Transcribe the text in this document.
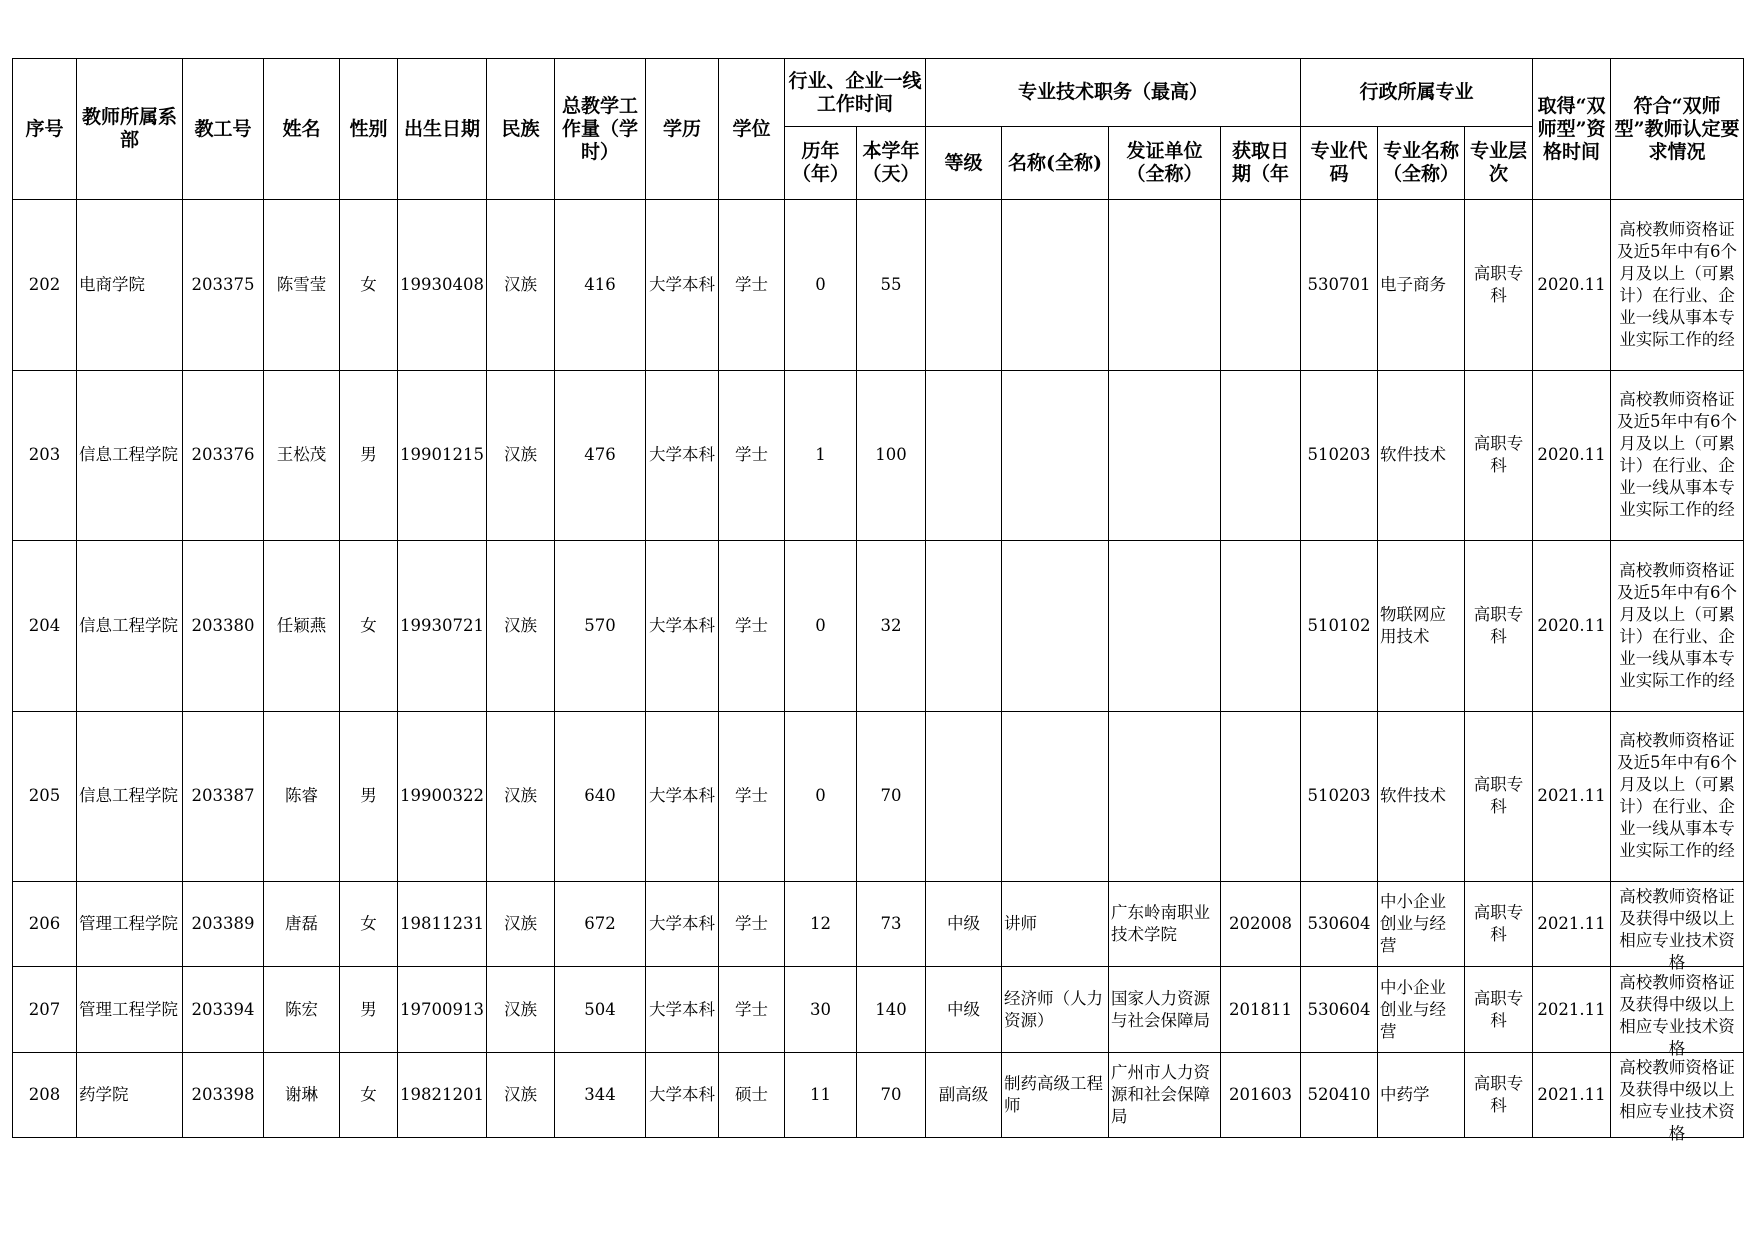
序号	教师所属系部	教工号	姓名	性别	出生日期	民族	总教学工作量（学时）	学历	学位	行业、企业一线工作时间		专业技术职务（最高）				行政所属专业			取得“双师型”资格时间	符合“双师型”教师认定要求情况
										历年（年）	本学年（天）	等级	名称(全称)	发证单位（全称）	获取日期（年	专业代码	专业名称（全称）	专业层次		
202	电商学院	203375	陈雪莹	女	19930408	汉族	416	大学本科	学士	0	55					530701	电子商务	高职专科	2020.11	高校教师资格证及近5年中有6个月及以上（可累计）在行业、企业一线从事本专业实际工作的经

203	信息工程学院	203376	王松茂	男	19901215	汉族	476	大学本科	学士	1	100					510203	软件技术	高职专科	2020.11	高校教师资格证及近5年中有6个月及以上（可累计）在行业、企业一线从事本专业实际工作的经

204	信息工程学院	203380	任颖燕	女	19930721	汉族	570	大学本科	学士	0	32					510102	物联网应用技术	高职专科	2020.11	高校教师资格证及近5年中有6个月及以上（可累计）在行业、企业一线从事本专业实际工作的经

205	信息工程学院	203387	陈睿	男	19900322	汉族	640	大学本科	学士	0	70					510203	软件技术	高职专科	2021.11	高校教师资格证及近5年中有6个月及以上（可累计）在行业、企业一线从事本专业实际工作的经

206	管理工程学院	203389	唐磊	女	19811231	汉族	672	大学本科	学士	12	73	中级	讲师	广东岭南职业技术学院	202008	530604	中小企业创业与经营	高职专科	2021.11	高校教师资格证及获得中级以上相应专业技术资格

207	管理工程学院	203394	陈宏	男	19700913	汉族	504	大学本科	学士	30	140	中级	经济师（人力资源）	国家人力资源与社会保障局	201811	530604	中小企业创业与经营	高职专科	2021.11	高校教师资格证及获得中级以上相应专业技术资格

208	药学院	203398	谢琳	女	19821201	汉族	344	大学本科	硕士	11	70	副高级	制药高级工程师	广州市人力资源和社会保障局	201603	520410	中药学	高职专科	2021.11	高校教师资格证及获得中级以上相应专业技术资格
